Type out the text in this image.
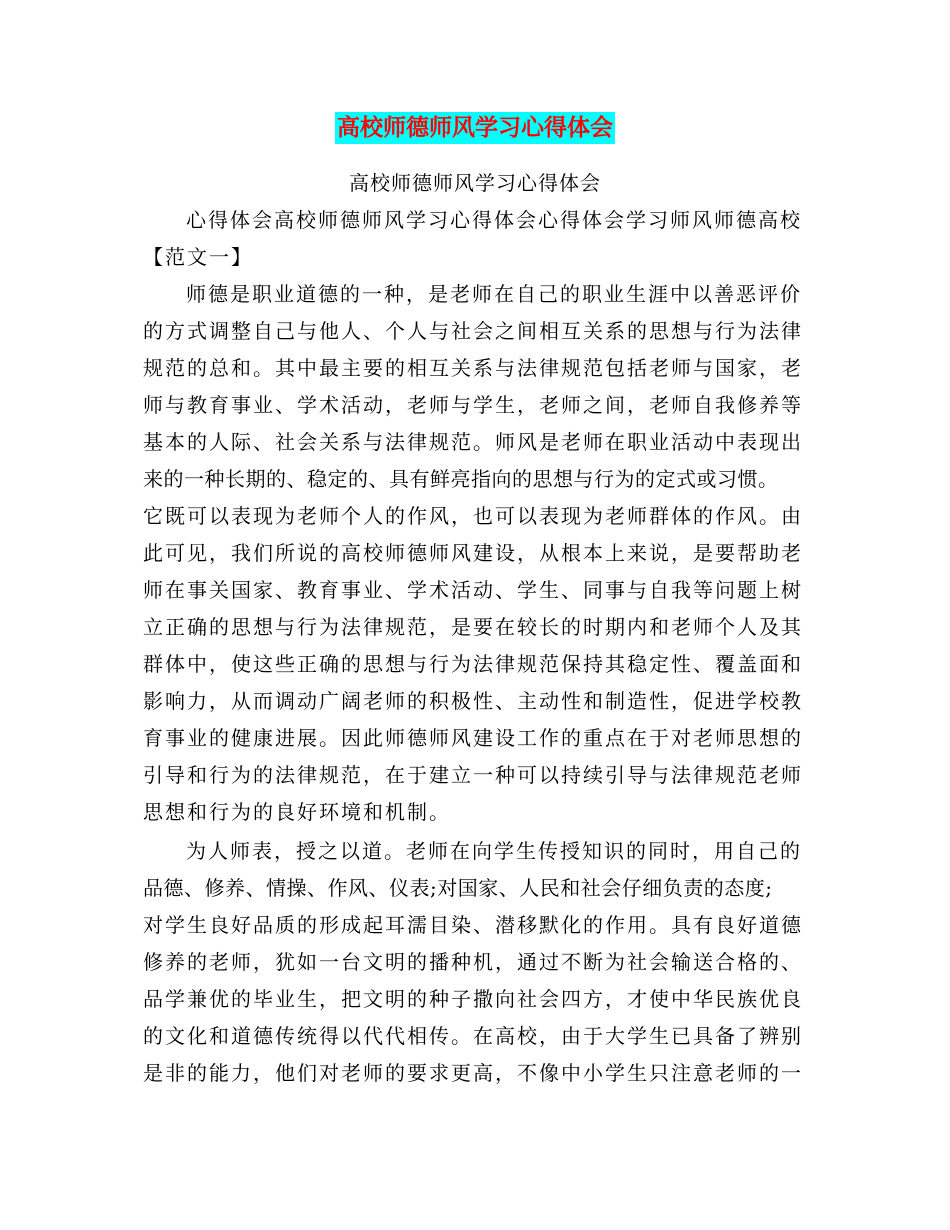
高校师德师风学习心得体会
高校师德师风学习心得体会
心得体会高校师德师风学习心得体会心得体会学习师风师德高校
【范文一】
师德是职业道德的一种，是老师在自己的职业生涯中以善恶评价
的方式调整自己与他人、个人与社会之间相互关系的思想与行为法律
规范的总和。其中最主要的相互关系与法律规范包括老师与国家，老
师与教育事业、学术活动，老师与学生，老师之间，老师自我修养等
基本的人际、社会关系与法律规范。师风是老师在职业活动中表现出
来的一种长期的、稳定的、具有鲜亮指向的思想与行为的定式或习惯。
它既可以表现为老师个人的作风，也可以表现为老师群体的作风。由
此可见，我们所说的高校师德师风建设，从根本上来说，是要帮助老
师在事关国家、教育事业、学术活动、学生、同事与自我等问题上树
立正确的思想与行为法律规范，是要在较长的时期内和老师个人及其
群体中，使这些正确的思想与行为法律规范保持其稳定性、覆盖面和
影响力，从而调动广阔老师的积极性、主动性和制造性，促进学校教
育事业的健康进展。因此师德师风建设工作的重点在于对老师思想的
引导和行为的法律规范，在于建立一种可以持续引导与法律规范老师
思想和行为的良好环境和机制。
为人师表，授之以道。老师在向学生传授知识的同时，用自己的
品德、修养、情操、作风、仪表;对国家、人民和社会仔细负责的态度;
对学生良好品质的形成起耳濡目染、潜移默化的作用。具有良好道德
修养的老师，犹如一台文明的播种机，通过不断为社会输送合格的、
品学兼优的毕业生，把文明的种子撒向社会四方，才使中华民族优良
的文化和道德传统得以代代相传。在高校，由于大学生已具备了辨别
是非的能力，他们对老师的要求更高，不像中小学生只注意老师的一
